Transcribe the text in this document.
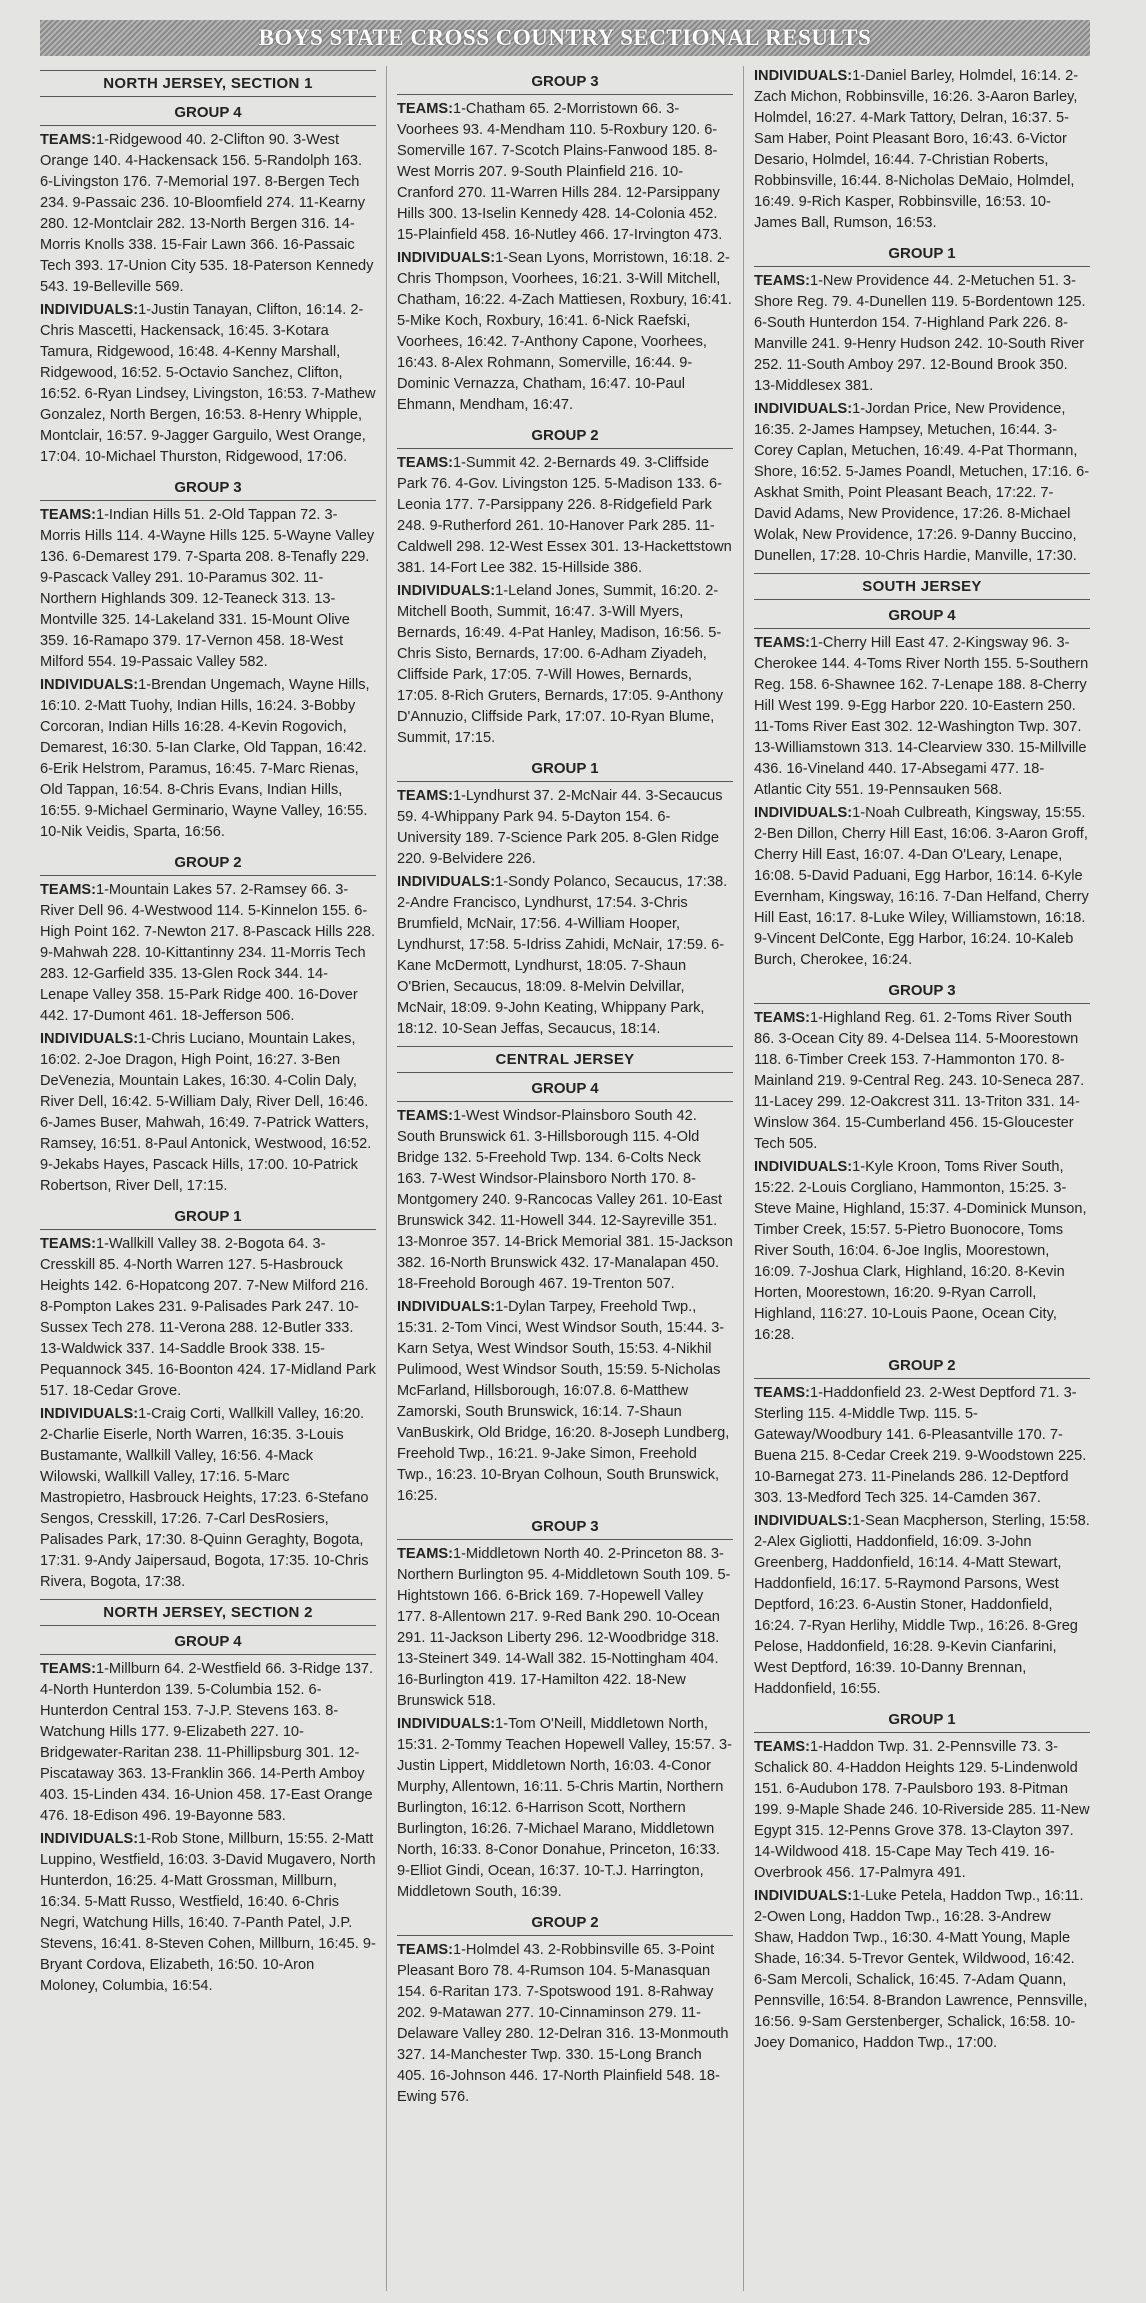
BOYS STATE CROSS COUNTRY SECTIONAL RESULTS
NORTH JERSEY, SECTION 1
GROUP 4

TEAMS:1-Ridgewood 40. 2-Clifton 90. 3-West Orange 140. 4-Hackensack 156. 5-Randolph 163. 6-Livingston 176. 7-Memorial 197. 8-Bergen Tech 234. 9-Passaic 236. 10-Bloomfield 274. 11-Kearny 280. 12-Montclair 282. 13-North Bergen 316. 14-Morris Knolls 338. 15-Fair Lawn 366. 16-Passaic Tech 393. 17-Union City 535. 18-Paterson Kennedy 543. 19-Belleville 569.

INDIVIDUALS:1-Justin Tanayan, Clifton, 16:14. 2-Chris Mascetti, Hackensack, 16:45. 3-Kotara Tamura, Ridgewood, 16:48. 4-Kenny Marshall, Ridgewood, 16:52. 5-Octavio Sanchez, Clifton, 16:52. 6-Ryan Lindsey, Livingston, 16:53. 7-Mathew Gonzalez, North Bergen, 16:53. 8-Henry Whipple, Montclair, 16:57. 9-Jagger Garguilo, West Orange, 17:04. 10-Michael Thurston, Ridgewood, 17:06.

GROUP 3

TEAMS:1-Indian Hills 51. 2-Old Tappan 72. 3-Morris Hills 114. 4-Wayne Hills 125. 5-Wayne Valley 136. 6-Demarest 179. 7-Sparta 208. 8-Tenafly 229. 9-Pascack Valley 291. 10-Paramus 302. 11-Northern Highlands 309. 12-Teaneck 313. 13-Montville 325. 14-Lakeland 331. 15-Mount Olive 359. 16-Ramapo 379. 17-Vernon 458. 18-West Milford 554. 19-Passaic Valley 582.

INDIVIDUALS:1-Brendan Ungemach, Wayne Hills, 16:10. 2-Matt Tuohy, Indian Hills, 16:24. 3-Bobby Corcoran, Indian Hills 16:28. 4-Kevin Rogovich, Demarest, 16:30. 5-Ian Clarke, Old Tappan, 16:42. 6-Erik Helstrom, Paramus, 16:45. 7-Marc Rienas, Old Tappan, 16:54. 8-Chris Evans, Indian Hills, 16:55. 9-Michael Germinario, Wayne Valley, 16:55. 10-Nik Veidis, Sparta, 16:56.

GROUP 2

TEAMS:1-Mountain Lakes 57. 2-Ramsey 66. 3-River Dell 96. 4-Westwood 114. 5-Kinnelon 155. 6-High Point 162. 7-Newton 217. 8-Pascack Hills 228. 9-Mahwah 228. 10-Kittantinny 234. 11-Morris Tech 283. 12-Garfield 335. 13-Glen Rock 344. 14-Lenape Valley 358. 15-Park Ridge 400. 16-Dover 442. 17-Dumont 461. 18-Jefferson 506.

INDIVIDUALS:1-Chris Luciano, Mountain Lakes, 16:02. 2-Joe Dragon, High Point, 16:27. 3-Ben DeVenezia, Mountain Lakes, 16:30. 4-Colin Daly, River Dell, 16:42. 5-William Daly, River Dell, 16:46. 6-James Buser, Mahwah, 16:49. 7-Patrick Watters, Ramsey, 16:51. 8-Paul Antonick, Westwood, 16:52. 9-Jekabs Hayes, Pascack Hills, 17:00. 10-Patrick Robertson, River Dell, 17:15.

GROUP 1

TEAMS:1-Wallkill Valley 38. 2-Bogota 64. 3-Cresskill 85. 4-North Warren 127. 5-Hasbrouck Heights 142. 6-Hopatcong 207. 7-New Milford 216. 8-Pompton Lakes 231. 9-Palisades Park 247. 10-Sussex Tech 278. 11-Verona 288. 12-Butler 333. 13-Waldwick 337. 14-Saddle Brook 338. 15-Pequannock 345. 16-Boonton 424. 17-Midland Park 517. 18-Cedar Grove.

INDIVIDUALS:1-Craig Corti, Wallkill Valley, 16:20. 2-Charlie Eiserle, North Warren, 16:35. 3-Louis Bustamante, Wallkill Valley, 16:56. 4-Mack Wilowski, Wallkill Valley, 17:16. 5-Marc Mastropietro, Hasbrouck Heights, 17:23. 6-Stefano Sengos, Cresskill, 17:26. 7-Carl DesRosiers, Palisades Park, 17:30. 8-Quinn Geraghty, Bogota, 17:31. 9-Andy Jaipersaud, Bogota, 17:35. 10-Chris Rivera, Bogota, 17:38.

NORTH JERSEY, SECTION 2
GROUP 4

TEAMS:1-Millburn 64. 2-Westfield 66. 3-Ridge 137. 4-North Hunterdon 139. 5-Columbia 152. 6-Hunterdon Central 153. 7-J.P. Stevens 163. 8-Watchung Hills 177. 9-Elizabeth 227. 10-Bridgewater-Raritan 238. 11-Phillipsburg 301. 12-Piscataway 363. 13-Franklin 366. 14-Perth Amboy 403. 15-Linden 434. 16-Union 458. 17-East Orange 476. 18-Edison 496. 19-Bayonne 583.

INDIVIDUALS:1-Rob Stone, Millburn, 15:55. 2-Matt Luppino, Westfield, 16:03. 3-David Mugavero, North Hunterdon, 16:25. 4-Matt Grossman, Millburn, 16:34. 5-Matt Russo, Westfield, 16:40. 6-Chris Negri, Watchung Hills, 16:40. 7-Panth Patel, J.P. Stevens, 16:41. 8-Steven Cohen, Millburn, 16:45. 9-Bryant Cordova, Elizabeth, 16:50. 10-Aron Moloney, Columbia, 16:54.

GROUP 3

TEAMS:1-Chatham 65. 2-Morristown 66. 3-Voorhees 93. 4-Mendham 110. 5-Roxbury 120. 6-Somerville 167. 7-Scotch Plains-Fanwood 185. 8-West Morris 207. 9-South Plainfield 216. 10-Cranford 270. 11-Warren Hills 284. 12-Parsippany Hills 300. 13-Iselin Kennedy 428. 14-Colonia 452. 15-Plainfield 458. 16-Nutley 466. 17-Irvington 473.

INDIVIDUALS:1-Sean Lyons, Morristown, 16:18. 2-Chris Thompson, Voorhees, 16:21. 3-Will Mitchell, Chatham, 16:22. 4-Zach Mattiesen, Roxbury, 16:41. 5-Mike Koch, Roxbury, 16:41. 6-Nick Raefski, Voorhees, 16:42. 7-Anthony Capone, Voorhees, 16:43. 8-Alex Rohmann, Somerville, 16:44. 9-Dominic Vernazza, Chatham, 16:47. 10-Paul Ehmann, Mendham, 16:47.

GROUP 2

TEAMS:1-Summit 42. 2-Bernards 49. 3-Cliffside Park 76. 4-Gov. Livingston 125. 5-Madison 133. 6-Leonia 177. 7-Parsippany 226. 8-Ridgefield Park 248. 9-Rutherford 261. 10-Hanover Park 285. 11-Caldwell 298. 12-West Essex 301. 13-Hackettstown 381. 14-Fort Lee 382. 15-Hillside 386.

INDIVIDUALS:1-Leland Jones, Summit, 16:20. 2-Mitchell Booth, Summit, 16:47. 3-Will Myers, Bernards, 16:49. 4-Pat Hanley, Madison, 16:56. 5-Chris Sisto, Bernards, 17:00. 6-Adham Ziyadeh, Cliffside Park, 17:05. 7-Will Howes, Bernards, 17:05. 8-Rich Gruters, Bernards, 17:05. 9-Anthony D'Annuzio, Cliffside Park, 17:07. 10-Ryan Blume, Summit, 17:15.

GROUP 1

TEAMS:1-Lyndhurst 37. 2-McNair 44. 3-Secaucus 59. 4-Whippany Park 94. 5-Dayton 154. 6-University 189. 7-Science Park 205. 8-Glen Ridge 220. 9-Belvidere 226.

INDIVIDUALS:1-Sondy Polanco, Secaucus, 17:38. 2-Andre Francisco, Lyndhurst, 17:54. 3-Chris Brumfield, McNair, 17:56. 4-William Hooper, Lyndhurst, 17:58. 5-Idriss Zahidi, McNair, 17:59. 6-Kane McDermott, Lyndhurst, 18:05. 7-Shaun O'Brien, Secaucus, 18:09. 8-Melvin Delvillar, McNair, 18:09. 9-John Keating, Whippany Park, 18:12. 10-Sean Jeffas, Secaucus, 18:14.

CENTRAL JERSEY
GROUP 4

TEAMS:1-West Windsor-Plainsboro South 42. South Brunswick 61. 3-Hillsborough 115. 4-Old Bridge 132. 5-Freehold Twp. 134. 6-Colts Neck 163. 7-West Windsor-Plainsboro North 170. 8-Montgomery 240. 9-Rancocas Valley 261. 10-East Brunswick 342. 11-Howell 344. 12-Sayreville 351. 13-Monroe 357. 14-Brick Memorial 381. 15-Jackson 382. 16-North Brunswick 432. 17-Manalapan 450. 18-Freehold Borough 467. 19-Trenton 507.

INDIVIDUALS:1-Dylan Tarpey, Freehold Twp., 15:31. 2-Tom Vinci, West Windsor South, 15:44. 3-Karn Setya, West Windsor South, 15:53. 4-Nikhil Pulimood, West Windsor South, 15:59. 5-Nicholas McFarland, Hillsborough, 16:07.8. 6-Matthew Zamorski, South Brunswick, 16:14. 7-Shaun VanBuskirk, Old Bridge, 16:20. 8-Joseph Lundberg, Freehold Twp., 16:21. 9-Jake Simon, Freehold Twp., 16:23. 10-Bryan Colhoun, South Brunswick, 16:25.

GROUP 3

TEAMS:1-Middletown North 40. 2-Princeton 88. 3-Northern Burlington 95. 4-Middletown South 109. 5-Hightstown 166. 6-Brick 169. 7-Hopewell Valley 177. 8-Allentown 217. 9-Red Bank 290. 10-Ocean 291. 11-Jackson Liberty 296. 12-Woodbridge 318. 13-Steinert 349. 14-Wall 382. 15-Nottingham 404. 16-Burlington 419. 17-Hamilton 422. 18-New Brunswick 518.

INDIVIDUALS:1-Tom O'Neill, Middletown North, 15:31. 2-Tommy Teachen Hopewell Valley, 15:57. 3-Justin Lippert, Middletown North, 16:03. 4-Conor Murphy, Allentown, 16:11. 5-Chris Martin, Northern Burlington, 16:12. 6-Harrison Scott, Northern Burlington, 16:26. 7-Michael Marano, Middletown North, 16:33. 8-Conor Donahue, Princeton, 16:33. 9-Elliot Gindi, Ocean, 16:37. 10-T.J. Harrington, Middletown South, 16:39.

GROUP 2

TEAMS:1-Holmdel 43. 2-Robbinsville 65. 3-Point Pleasant Boro 78. 4-Rumson 104. 5-Manasquan 154. 6-Raritan 173. 7-Spotswood 191. 8-Rahway 202. 9-Matawan 277. 10-Cinnaminson 279. 11-Delaware Valley 280. 12-Delran 316. 13-Monmouth 327. 14-Manchester Twp. 330. 15-Long Branch 405. 16-Johnson 446. 17-North Plainfield 548. 18-Ewing 576.

INDIVIDUALS:1-Daniel Barley, Holmdel, 16:14. 2-Zach Michon, Robbinsville, 16:26. 3-Aaron Barley, Holmdel, 16:27. 4-Mark Tattory, Delran, 16:37. 5-Sam Haber, Point Pleasant Boro, 16:43. 6-Victor Desario, Holmdel, 16:44. 7-Christian Roberts, Robbinsville, 16:44. 8-Nicholas DeMaio, Holmdel, 16:49. 9-Rich Kasper, Robbinsville, 16:53. 10-James Ball, Rumson, 16:53.

GROUP 1

TEAMS:1-New Providence 44. 2-Metuchen 51. 3-Shore Reg. 79. 4-Dunellen 119. 5-Bordentown 125. 6-South Hunterdon 154. 7-Highland Park 226. 8-Manville 241. 9-Henry Hudson 242. 10-South River 252. 11-South Amboy 297. 12-Bound Brook 350. 13-Middlesex 381.

INDIVIDUALS:1-Jordan Price, New Providence, 16:35. 2-James Hampsey, Metuchen, 16:44. 3-Corey Caplan, Metuchen, 16:49. 4-Pat Thormann, Shore, 16:52. 5-James Poandl, Metuchen, 17:16. 6-Askhat Smith, Point Pleasant Beach, 17:22. 7-David Adams, New Providence, 17:26. 8-Michael Wolak, New Providence, 17:26. 9-Danny Buccino, Dunellen, 17:28. 10-Chris Hardie, Manville, 17:30.

SOUTH JERSEY
GROUP 4

TEAMS:1-Cherry Hill East 47. 2-Kingsway 96. 3-Cherokee 144. 4-Toms River North 155. 5-Southern Reg. 158. 6-Shawnee 162. 7-Lenape 188. 8-Cherry Hill West 199. 9-Egg Harbor 220. 10-Eastern 250. 11-Toms River East 302. 12-Washington Twp. 307. 13-Williamstown 313. 14-Clearview 330. 15-Millville 436. 16-Vineland 440. 17-Absegami 477. 18-Atlantic City 551. 19-Pennsauken 568.

INDIVIDUALS:1-Noah Culbreath, Kingsway, 15:55. 2-Ben Dillon, Cherry Hill East, 16:06. 3-Aaron Groff, Cherry Hill East, 16:07. 4-Dan O'Leary, Lenape, 16:08. 5-David Paduani, Egg Harbor, 16:14. 6-Kyle Evernham, Kingsway, 16:16. 7-Dan Helfand, Cherry Hill East, 16:17. 8-Luke Wiley, Williamstown, 16:18. 9-Vincent DelConte, Egg Harbor, 16:24. 10-Kaleb Burch, Cherokee, 16:24.

GROUP 3

TEAMS:1-Highland Reg. 61. 2-Toms River South 86. 3-Ocean City 89. 4-Delsea 114. 5-Moorestown 118. 6-Timber Creek 153. 7-Hammonton 170. 8-Mainland 219. 9-Central Reg. 243. 10-Seneca 287. 11-Lacey 299. 12-Oakcrest 311. 13-Triton 331. 14-Winslow 364. 15-Cumberland 456. 15-Gloucester Tech 505.

INDIVIDUALS:1-Kyle Kroon, Toms River South, 15:22. 2-Louis Corgliano, Hammonton, 15:25. 3-Steve Maine, Highland, 15:37. 4-Dominick Munson, Timber Creek, 15:57. 5-Pietro Buonocore, Toms River South, 16:04. 6-Joe Inglis, Moorestown, 16:09. 7-Joshua Clark, Highland, 16:20. 8-Kevin Horten, Moorestown, 16:20. 9-Ryan Carroll, Highland, 116:27. 10-Louis Paone, Ocean City, 16:28.

GROUP 2

TEAMS:1-Haddonfield 23. 2-West Deptford 71. 3-Sterling 115. 4-Middle Twp. 115. 5-Gateway/Woodbury 141. 6-Pleasantville 170. 7-Buena 215. 8-Cedar Creek 219. 9-Woodstown 225. 10-Barnegat 273. 11-Pinelands 286. 12-Deptford 303. 13-Medford Tech 325. 14-Camden 367.

INDIVIDUALS:1-Sean Macpherson, Sterling, 15:58. 2-Alex Gigliotti, Haddonfield, 16:09. 3-John Greenberg, Haddonfield, 16:14. 4-Matt Stewart, Haddonfield, 16:17. 5-Raymond Parsons, West Deptford, 16:23. 6-Austin Stoner, Haddonfield, 16:24. 7-Ryan Herlihy, Middle Twp., 16:26. 8-Greg Pelose, Haddonfield, 16:28. 9-Kevin Cianfarini, West Deptford, 16:39. 10-Danny Brennan, Haddonfield, 16:55.

GROUP 1

TEAMS:1-Haddon Twp. 31. 2-Pennsville 73. 3-Schalick 80. 4-Haddon Heights 129. 5-Lindenwold 151. 6-Audubon 178. 7-Paulsboro 193. 8-Pitman 199. 9-Maple Shade 246. 10-Riverside 285. 11-New Egypt 315. 12-Penns Grove 378. 13-Clayton 397. 14-Wildwood 418. 15-Cape May Tech 419. 16-Overbrook 456. 17-Palmyra 491.

INDIVIDUALS:1-Luke Petela, Haddon Twp., 16:11. 2-Owen Long, Haddon Twp., 16:28. 3-Andrew Shaw, Haddon Twp., 16:30. 4-Matt Young, Maple Shade, 16:34. 5-Trevor Gentek, Wildwood, 16:42. 6-Sam Mercoli, Schalick, 16:45. 7-Adam Quann, Pennsville, 16:54. 8-Brandon Lawrence, Pennsville, 16:56. 9-Sam Gerstenberger, Schalick, 16:58. 10-Joey Domanico, Haddon Twp., 17:00.
